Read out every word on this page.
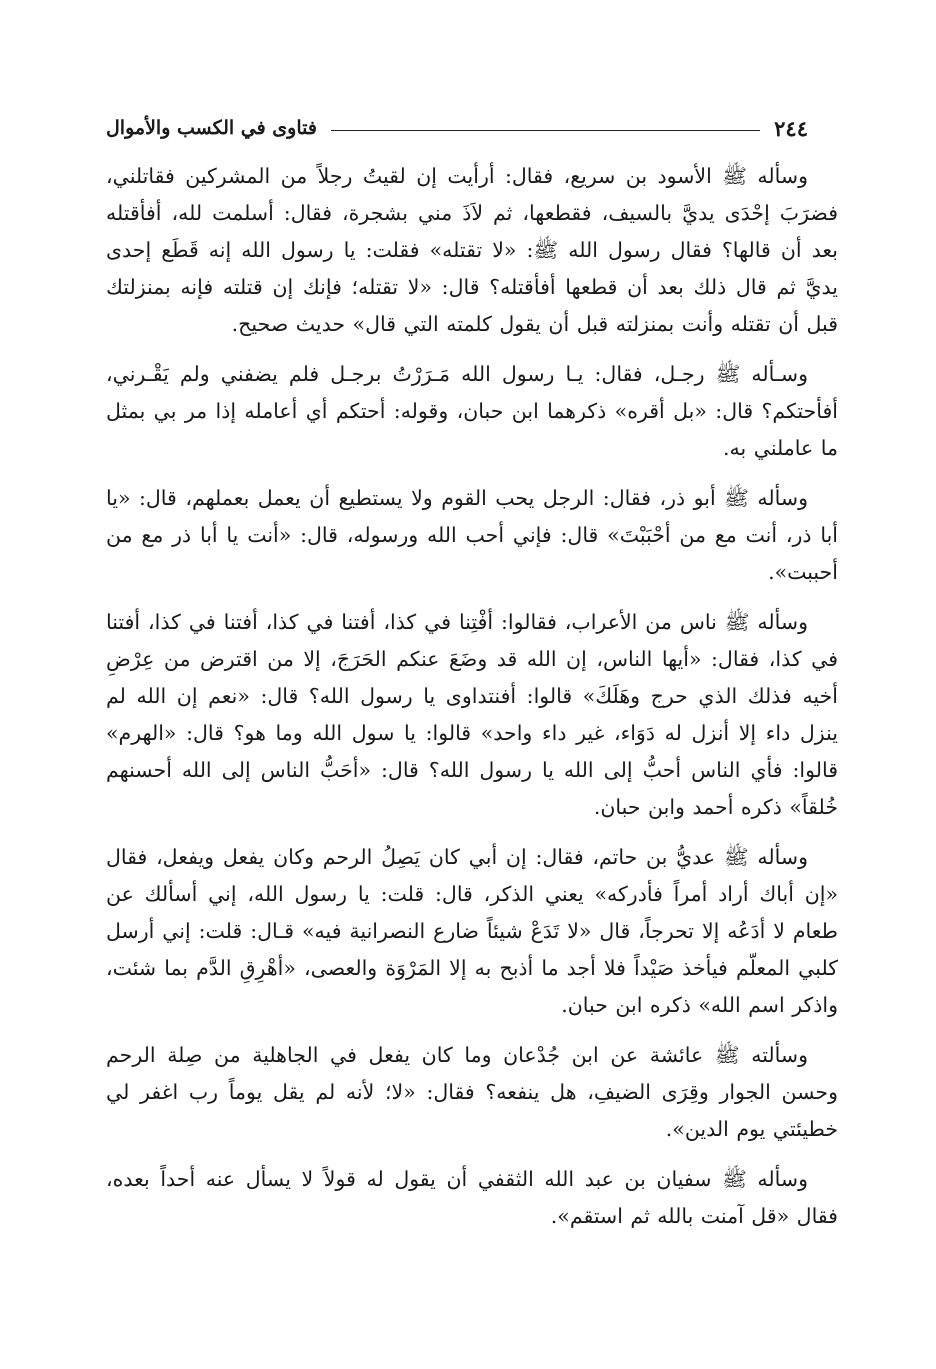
٢٤٤
فتاوى في الكسب والأموال

وسأله ﷺ الأسود بن سريع، فقال: أرأيت إن لقيتُ رجلاً من المشركين فقاتلني، فضرَبَ إحْدَى يديَّ بالسيف، فقطعها، ثم لاَذَ مني بشجرة، فقال: أسلمت لله، أفأقتله بعد أن قالها؟ فقال رسول الله ﷺ: «لا تقتله» فقلت: يا رسول الله إنه قَطَع إحدى يديَّ ثم قال ذلك بعد أن قطعها أفأقتله؟ قال: «لا تقتله؛ فإنك إن قتلته فإنه بمنزلتك قبل أن تقتله وأنت بمنزلته قبل أن يقول كلمته التي قال» حديث صحيح.

وسـأله ﷺ رجـل، فقال: يـا رسول الله مَـرَرْتُ برجـل فلم يضفني ولم يَقْـرني، أفأحتكم؟ قال: «بل أقره» ذكرهما ابن حبان، وقوله: أحتكم أي أعامله إذا مر بي بمثل ما عاملني به.

وسأله ﷺ أبو ذر، فقال: الرجل يحب القوم ولا يستطيع أن يعمل بعملهم، قال: «يا أبا ذر، أنت مع من أحْبَبْتَ» قال: فإني أحب الله ورسوله، قال: «أنت يا أبا ذر مع من أحببت».

وسأله ﷺ ناس من الأعراب، فقالوا: أفْتِنا في كذا، أفتنا في كذا، أفتنا في كذا، أفتنا في كذا، فقال: «أيها الناس، إن الله قد وضَعَ عنكم الحَرَجَ، إلا من اقترض من عِرْضِ أخيه فذلك الذي حرج وهَلَكَ» قالوا: أفنتداوى يا رسول الله؟ قال: «نعم إن الله لم ينزل داء إلا أنزل له دَوَاء، غير داء واحد» قالوا: يا سول الله وما هو؟ قال: «الهرم» قالوا: فأي الناس أحبُّ إلى الله يا رسول الله؟ قال: «أحَبُّ الناس إلى الله أحسنهم خُلقاً» ذكره أحمد وابن حبان.

وسأله ﷺ عديُّ بن حاتم، فقال: إن أبي كان يَصِلُ الرحم وكان يفعل ويفعل، فقال «إن أباك أراد أمراً فأدركه» يعني الذكر، قال: قلت: يا رسول الله، إني أسألك عن طعام لا أدَعُه إلا تحرجاً، قال «لا تَدَعْ شيئاً ضارع النصرانية فيه» قـال: قلت: إني أرسل كلبي المعلّم فيأخذ صَيْداً فلا أجد ما أذبح به إلا المَرْوَة والعصى، «أهْرِقِ الدَّم بما شئت، واذكر اسم الله» ذكره ابن حبان.

وسألته ﷺ عائشة عن ابن جُدْعان وما كان يفعل في الجاهلية من صِلة الرحم وحسن الجوار وقِرَى الضيفِ، هل ينفعه؟ فقال: «لا؛ لأنه لم يقل يوماً رب اغفر لي خطيئتي يوم الدين».

وسأله ﷺ سفيان بن عبد الله الثقفي أن يقول له قولاً لا يسأل عنه أحداً بعده، فقال «قل آمنت بالله ثم استقم».
